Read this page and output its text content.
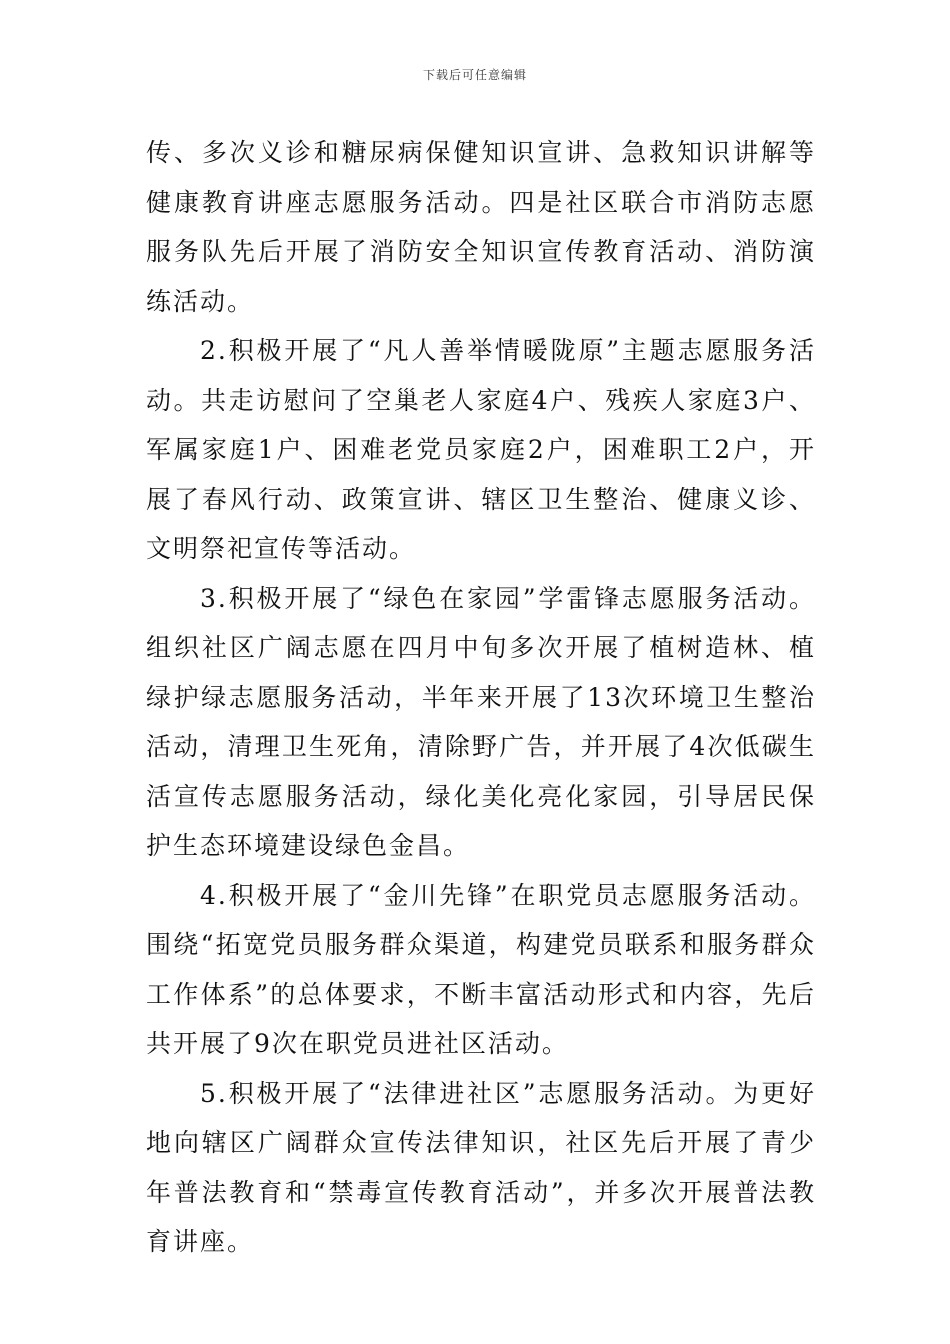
下载后可任意编辑

传、多次义诊和糖尿病保健知识宣讲、急救知识讲解等健康教育讲座志愿服务活动。四是社区联合市消防志愿服务队先后开展了消防安全知识宣传教育活动、消防演练活动。

2.积极开展了“凡人善举情暖陇原”主题志愿服务活动。共走访慰问了空巢老人家庭4户、残疾人家庭3户、军属家庭1户、困难老党员家庭2户，困难职工2户，开展了春风行动、政策宣讲、辖区卫生整治、健康义诊、文明祭祀宣传等活动。

3.积极开展了“绿色在家园”学雷锋志愿服务活动。组织社区广阔志愿在四月中旬多次开展了植树造林、植绿护绿志愿服务活动，半年来开展了13次环境卫生整治活动，清理卫生死角，清除野广告，并开展了4次低碳生活宣传志愿服务活动，绿化美化亮化家园，引导居民保护生态环境建设绿色金昌。

4.积极开展了“金川先锋”在职党员志愿服务活动。围绕“拓宽党员服务群众渠道，构建党员联系和服务群众工作体系”的总体要求，不断丰富活动形式和内容，先后共开展了9次在职党员进社区活动。

5.积极开展了“法律进社区”志愿服务活动。为更好地向辖区广阔群众宣传法律知识，社区先后开展了青少年普法教育和“禁毒宣传教育活动”，并多次开展普法教育讲座。
